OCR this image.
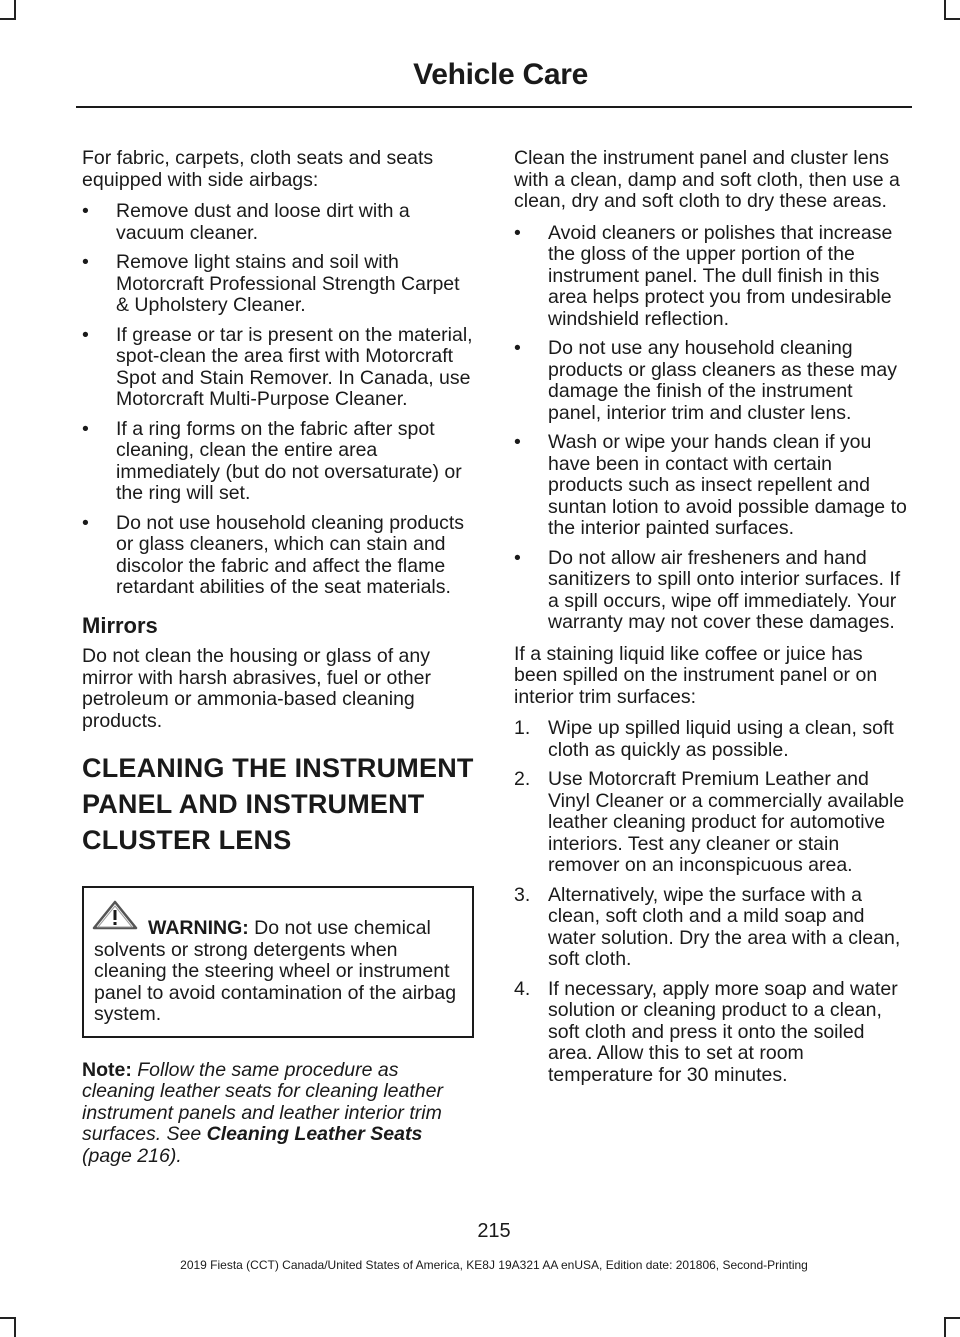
Vehicle Care

For fabric, carpets, cloth seats and seats equipped with side airbags:

• Remove dust and loose dirt with a vacuum cleaner.
• Remove light stains and soil with Motorcraft Professional Strength Carpet & Upholstery Cleaner.
• If grease or tar is present on the material, spot-clean the area first with Motorcraft Spot and Stain Remover. In Canada, use Motorcraft Multi-Purpose Cleaner.
• If a ring forms on the fabric after spot cleaning, clean the entire area immediately (but do not oversaturate) or the ring will set.
• Do not use household cleaning products or glass cleaners, which can stain and discolor the fabric and affect the flame retardant abilities of the seat materials.
Mirrors

Do not clean the housing or glass of any mirror with harsh abrasives, fuel or other petroleum or ammonia-based cleaning products.

CLEANING THE INSTRUMENT
PANEL AND INSTRUMENT
CLUSTER LENS
WARNING: Do not use chemical solvents or strong detergents when cleaning the steering wheel or instrument panel to avoid contamination of the airbag system.

Note: Follow the same procedure as cleaning leather seats for cleaning leather instrument panels and leather interior trim surfaces. See Cleaning Leather Seats (page 216).

Clean the instrument panel and cluster lens with a clean, damp and soft cloth, then use a clean, dry and soft cloth to dry these areas.

• Avoid cleaners or polishes that increase the gloss of the upper portion of the instrument panel. The dull finish in this area helps protect you from undesirable windshield reflection.
• Do not use any household cleaning products or glass cleaners as these may damage the finish of the instrument panel, interior trim and cluster lens.
• Wash or wipe your hands clean if you have been in contact with certain products such as insect repellent and suntan lotion to avoid possible damage to the interior painted surfaces.
• Do not allow air fresheners and hand sanitizers to spill onto interior surfaces. If a spill occurs, wipe off immediately. Your warranty may not cover these damages.

If a staining liquid like coffee or juice has been spilled on the instrument panel or on interior trim surfaces:

1. Wipe up spilled liquid using a clean, soft cloth as quickly as possible.
2. Use Motorcraft Premium Leather and Vinyl Cleaner or a commercially available leather cleaning product for automotive interiors. Test any cleaner or stain remover on an inconspicuous area.
3. Alternatively, wipe the surface with a clean, soft cloth and a mild soap and water solution. Dry the area with a clean, soft cloth.
4. If necessary, apply more soap and water solution or cleaning product to a clean, soft cloth and press it onto the soiled area. Allow this to set at room temperature for 30 minutes.
215
2019 Fiesta (CCT) Canada/United States of America, KE8J 19A321 AA enUSA, Edition date: 201806, Second-Printing
